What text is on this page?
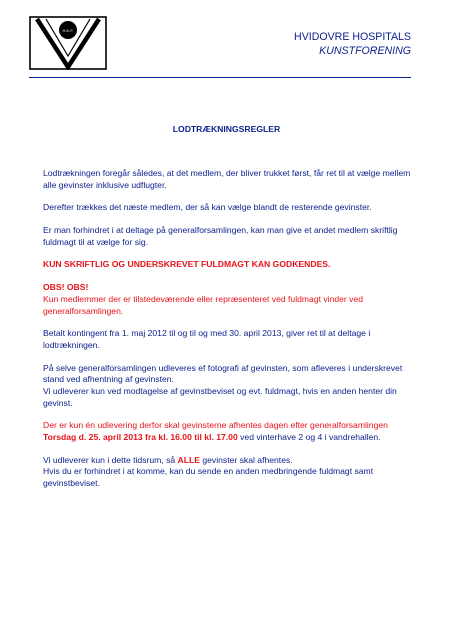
H.K.F.
HVIDOVRE HOSPITALS
KUNSTFORENING
LODTRÆKNINGSREGLER

Lodtrækningen foregår således, at det medlem, der bliver trukket først, får ret til at vælge mellem alle gevinster inklusive udflugter.

Derefter trækkes det næste medlem, der så kan vælge blandt de resterende gevinster.

Er man forhindret i at deltage på generalforsamlingen, kan man give et andet medlem skriftlig fuldmagt til at vælge for sig.

KUN SKRIFTLIG OG UNDERSKREVET FULDMAGT KAN GODKENDES.

OBS! OBS!
Kun medlemmer der er tilstedeværende eller repræsenteret ved fuldmagt vinder ved generalforsamlingen.

Betalt kontingent fra 1. maj 2012 til og til og med 30. april 2013, giver ret til at deltage i lodtrækningen.

På selve generalforsamlingen udleveres ef fotografi af gevinsten, som afleveres i underskrevet stand ved afhentning af gevinsten.
Vi udleverer kun ved modtagelse af gevinstbeviset og evt. fuldmagt, hvis en anden henter din gevinst.

Der er kun én udlevering derfor skal gevinsterne afhentes dagen efter generalforsamlingen
Torsdag d. 25. april 2013 fra kl. 16.00 til kl. 17.00 ved vinterhave 2 og 4 i vandrehallen.

Vi udleverer kun i dette tidsrum, så ALLE gevinster skal afhentes.
Hvis du er forhindret i at komme, kan du sende en anden medbringende fuldmagt samt gevinstbeviset.
